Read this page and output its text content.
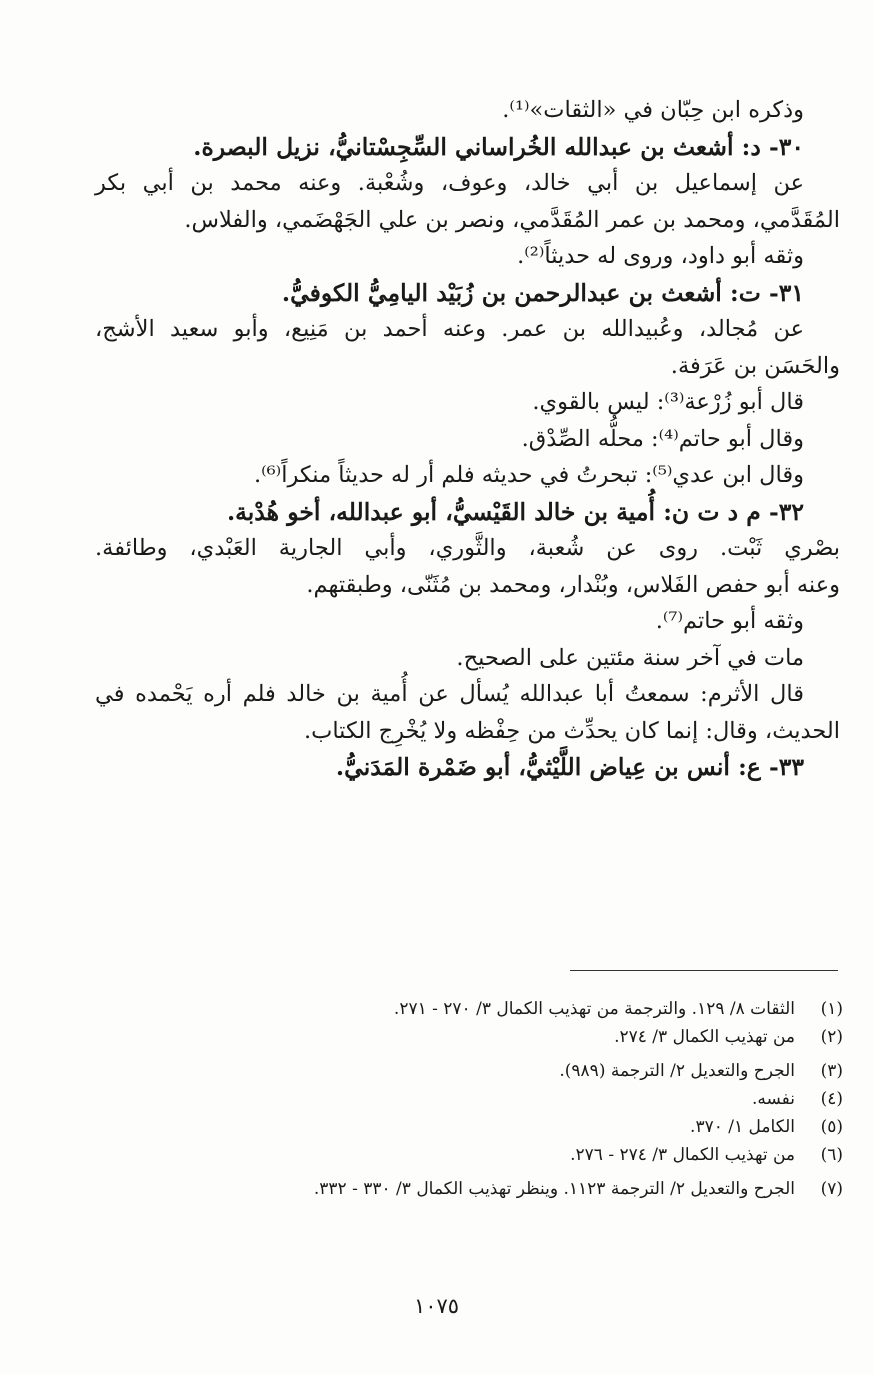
وذكره ابن حِبّان في «الثقات»⁽¹⁾.
٣٠- د: أشعث بن عبدالله الخُراساني السِّجِسْتانيُّ، نزيل البصرة.
عن إسماعيل بن أبي خالد، وعوف، وشُعْبة. وعنه محمد بن أبي بكر
المُقَدَّمي، ومحمد بن عمر المُقَدَّمي، ونصر بن علي الجَهْضَمي، والفلاس.
وثقه أبو داود، وروى له حديثاً⁽²⁾.
٣١- ت: أشعث بن عبدالرحمن بن زُبَيْد اليامِيُّ الكوفيُّ.
عن مُجالد، وعُبيدالله بن عمر. وعنه أحمد بن مَنِيع، وأبو سعيد الأشج،
والحَسَن بن عَرَفة.
قال أبو زُرْعة⁽³⁾: ليس بالقوي.
وقال أبو حاتم⁽⁴⁾: محلُّه الصِّدْق.
وقال ابن عدي⁽⁵⁾: تبحرتُ في حديثه فلم أر له حديثاً منكراً⁽⁶⁾.
٣٢- م د ت ن: أُمية بن خالد القَيْسيُّ، أبو عبدالله، أخو هُدْبة.
بصْري ثَبْت. روى عن شُعبة، والثَّوري، وأبي الجارية العَبْدي، وطائفة.
وعنه أبو حفص الفَلاس، وبُنْدار، ومحمد بن مُثَنّى، وطبقتهم.
وثقه أبو حاتم⁽⁷⁾.
مات في آخر سنة مئتين على الصحيح.
قال الأثرم: سمعتُ أبا عبدالله يُسأل عن أُمية بن خالد فلم أره يَحْمده في
الحديث، وقال: إنما كان يحدِّث من حِفْظه ولا يُخْرِج الكتاب.
٣٣- ع: أنس بن عِياض اللَّيْثيُّ، أبو ضَمْرة المَدَنيُّ.
(١)الثقات ٨/ ١٢٩. والترجمة من تهذيب الكمال ٣/ ٢٧٠ - ٢٧١.
(٢)من تهذيب الكمال ٣/ ٢٧٤.
(٣)الجرح والتعديل ٢/ الترجمة (٩٨٩).
(٤)نفسه.
(٥)الكامل ١/ ٣٧٠.
(٦)من تهذيب الكمال ٣/ ٢٧٤ - ٢٧٦.
(٧)الجرح والتعديل ٢/ الترجمة ١١٢٣. وينظر تهذيب الكمال ٣/ ٣٣٠ - ٣٣٢.
١٠٧٥
